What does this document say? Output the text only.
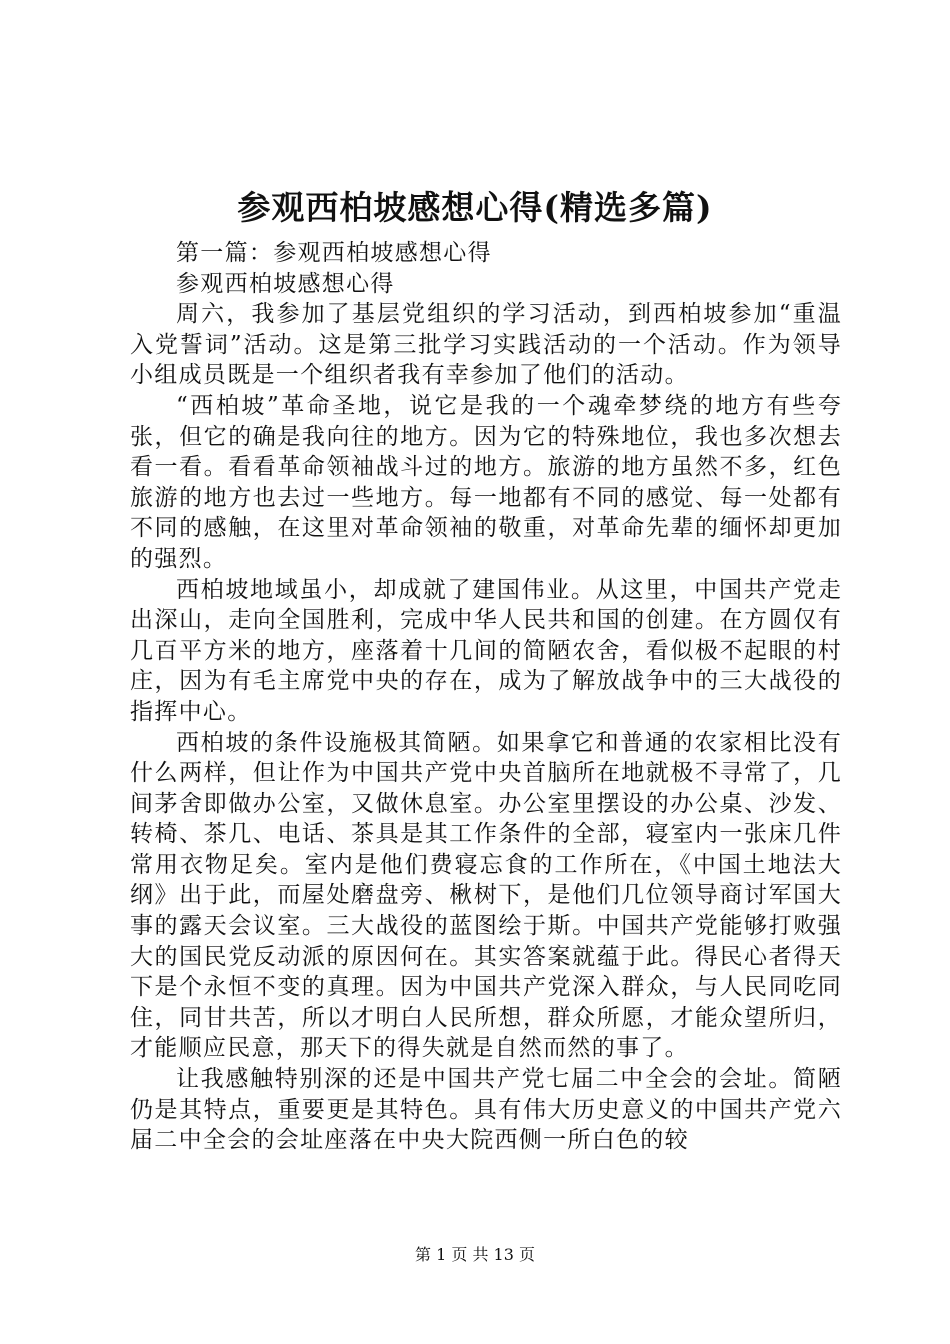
参观西柏坡感想心得(精选多篇)

第一篇：参观西柏坡感想心得

参观西柏坡感想心得

周六，我参加了基层党组织的学习活动，到西柏坡参加“重温入党誓词”活动。这是第三批学习实践活动的一个活动。作为领导小组成员既是一个组织者我有幸参加了他们的活动。

“西柏坡”革命圣地，说它是我的一个魂牵梦绕的地方有些夸张，但它的确是我向往的地方。因为它的特殊地位，我也多次想去看一看。看看革命领袖战斗过的地方。旅游的地方虽然不多，红色旅游的地方也去过一些地方。每一地都有不同的感觉、每一处都有不同的感触，在这里对革命领袖的敬重，对革命先辈的缅怀却更加的强烈。

西柏坡地域虽小，却成就了建国伟业。从这里，中国共产党走出深山，走向全国胜利，完成中华人民共和国的创建。在方圆仅有几百平方米的地方，座落着十几间的简陋农舍，看似极不起眼的村庄，因为有毛主席党中央的存在，成为了解放战争中的三大战役的指挥中心。

西柏坡的条件设施极其简陋。如果拿它和普通的农家相比没有什么两样，但让作为中国共产党中央首脑所在地就极不寻常了，几间茅舍即做办公室，又做休息室。办公室里摆设的办公桌、沙发、转椅、茶几、电话、茶具是其工作条件的全部，寝室内一张床几件常用衣物足矣。室内是他们费寝忘食的工作所在，《中国土地法大纲》出于此，而屋处磨盘旁、楸树下，是他们几位领导商讨军国大事的露天会议室。三大战役的蓝图绘于斯。中国共产党能够打败强大的国民党反动派的原因何在。其实答案就蕴于此。得民心者得天下是个永恒不变的真理。因为中国共产党深入群众，与人民同吃同住，同甘共苦，所以才明白人民所想，群众所愿，才能众望所归，才能顺应民意，那天下的得失就是自然而然的事了。

让我感触特别深的还是中国共产党七届二中全会的会址。简陋仍是其特点，重要更是其特色。具有伟大历史意义的中国共产党六届二中全会的会址座落在中央大院西侧一所白色的较

第 1 页 共 13 页
